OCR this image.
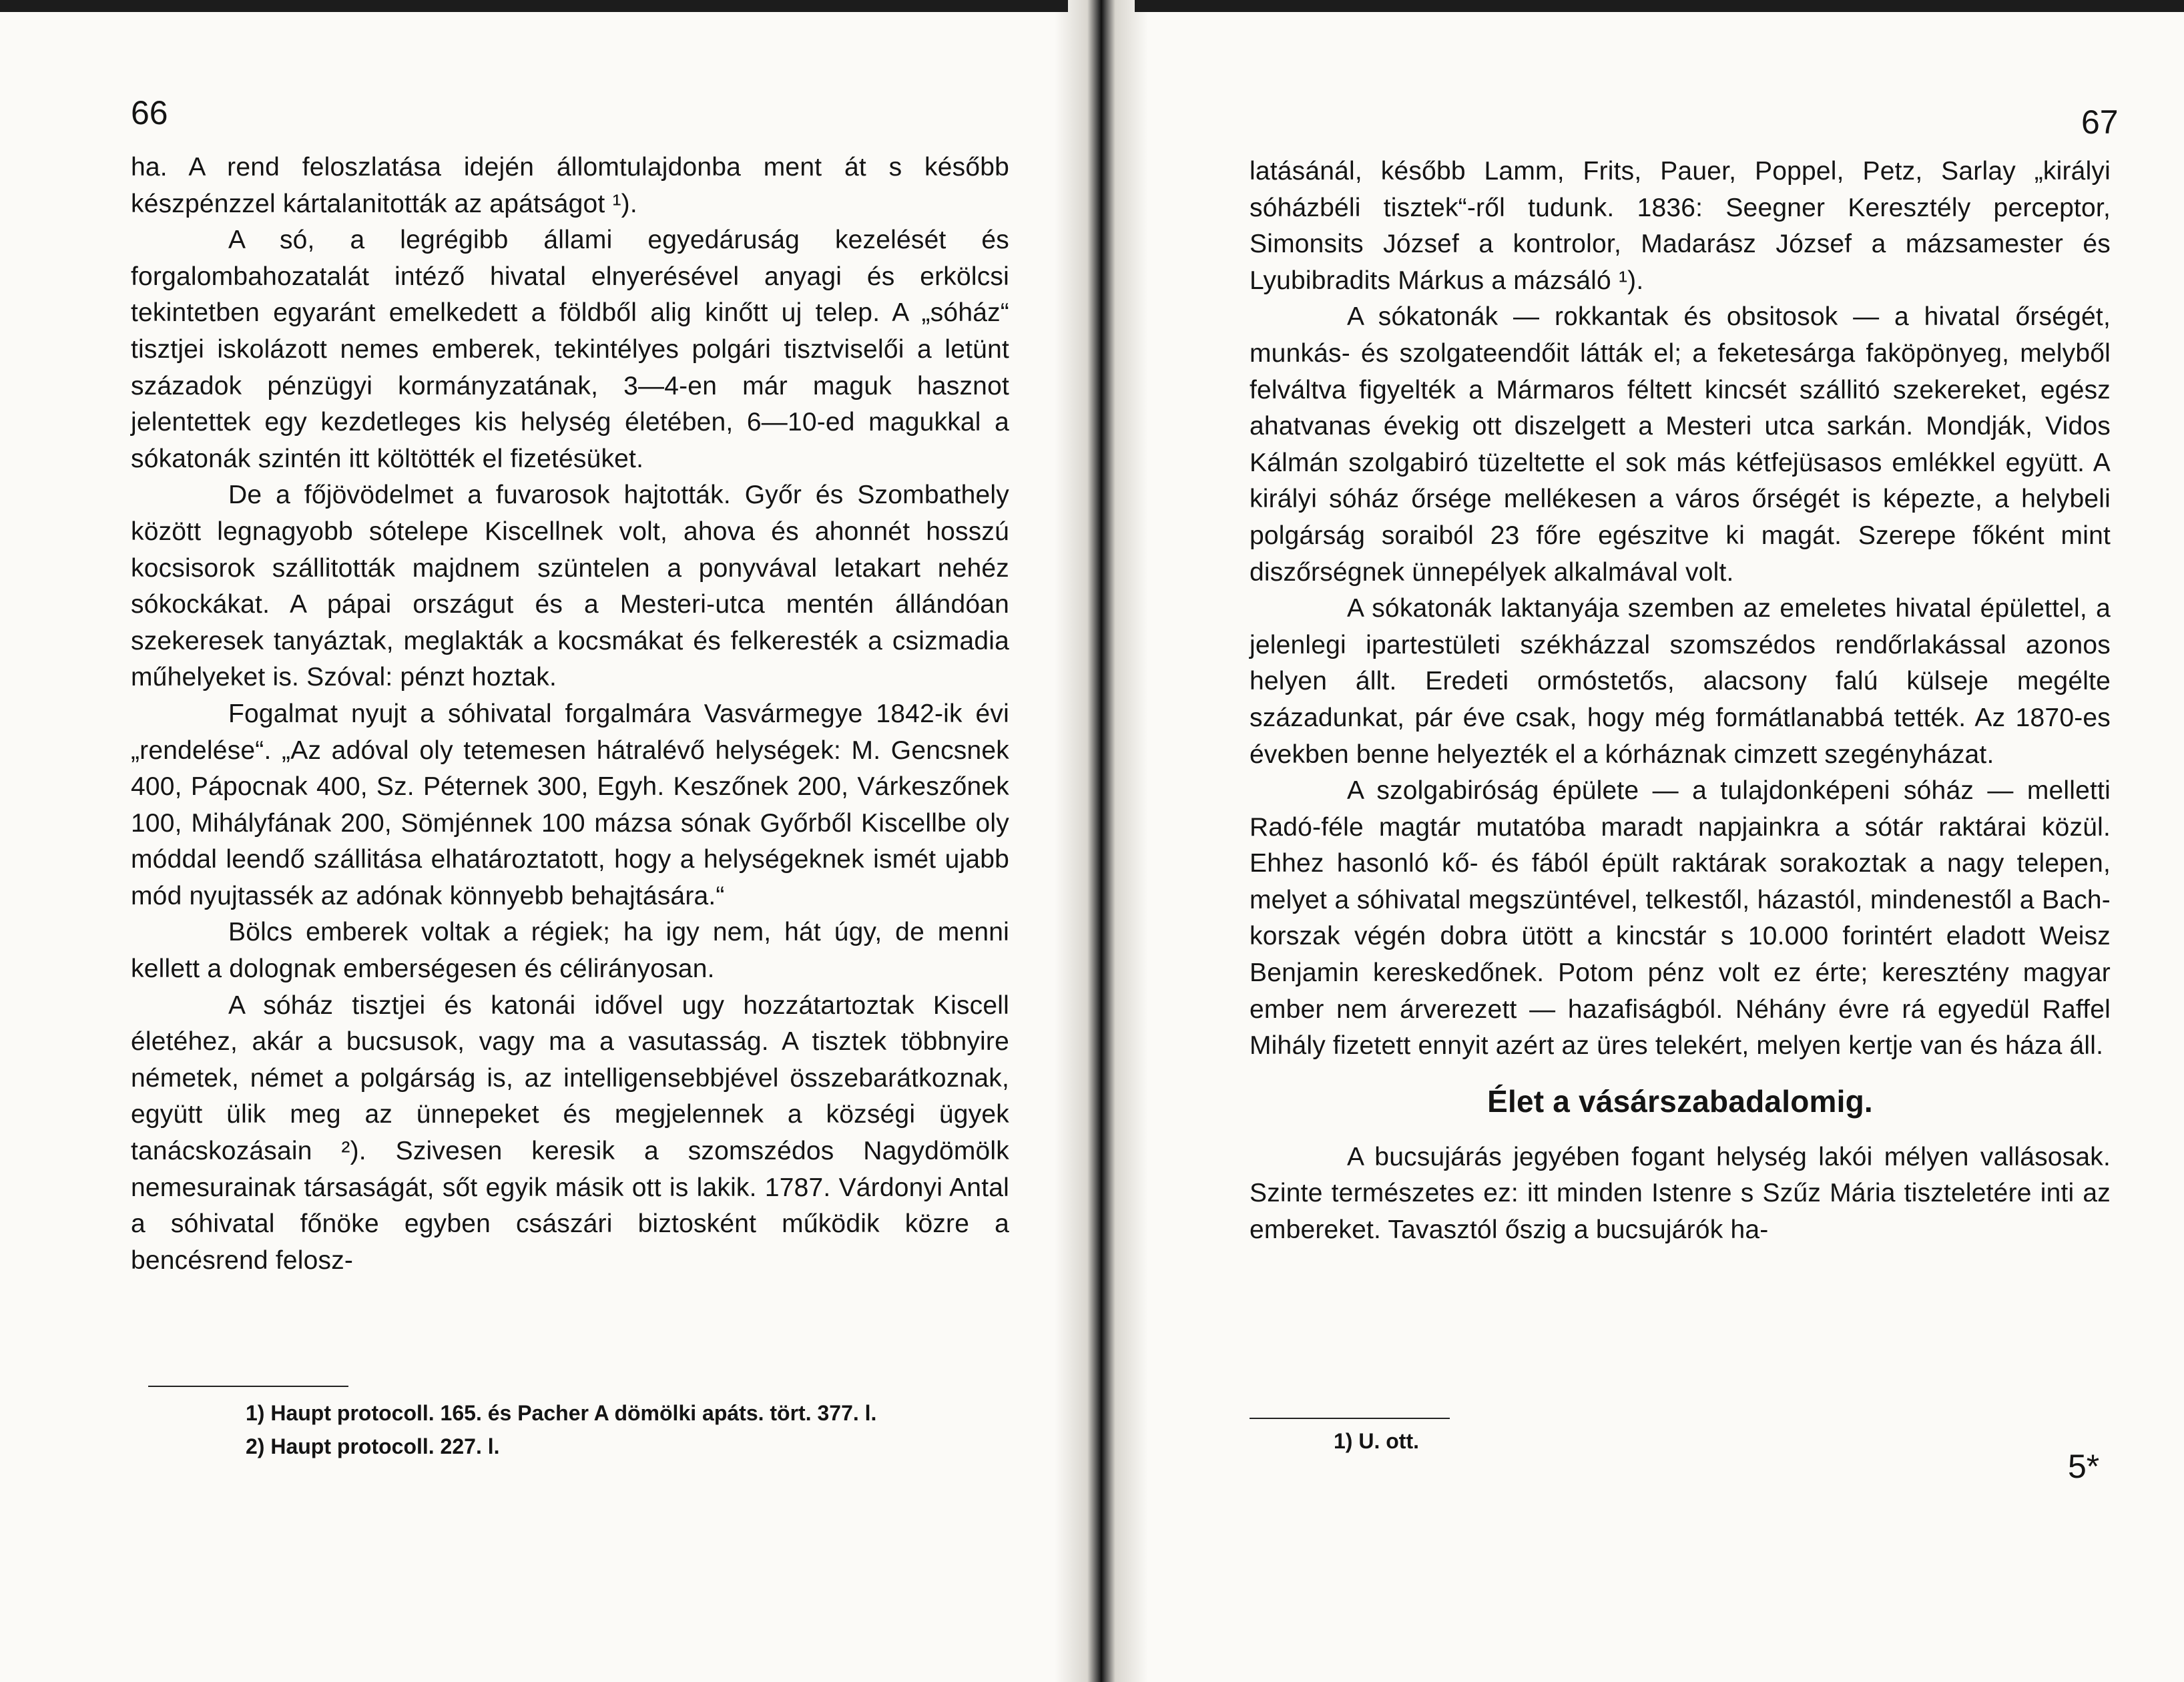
66

ha. A rend feloszlatása idején állomtulajdonba ment át s később készpénzzel kártalanitották az apátságot ¹).

A só, a legrégibb állami egyedáruság kezelését és forgalombahozatalát intéző hivatal elnyerésével anyagi és erkölcsi tekintetben egyaránt emelkedett a földből alig kinőtt uj telep. A „sóház“ tisztjei iskolázott nemes emberek, tekintélyes polgári tisztviselői a letünt századok pénzügyi kormányzatának, 3—4-en már maguk hasznot jelentettek egy kezdetleges kis helység életében, 6—10-ed magukkal a sókatonák szintén itt költötték el fizetésüket.

De a főjövödelmet a fuvarosok hajtották. Győr és Szombathely között legnagyobb sótelepe Kiscellnek volt, ahova és ahonnét hosszú kocsisorok szállitották majdnem szüntelen a ponyvával letakart nehéz sókockákat. A pápai országut és a Mesteri-utca mentén állándóan szekeresek tanyáztak, meglakták a kocsmákat és felkeresték a csizmadia műhelyeket is. Szóval: pénzt hoztak.

Fogalmat nyujt a sóhivatal forgalmára Vasvármegye 1842-ik évi „rendelése“. „Az adóval oly tetemesen hátralévő helységek: M. Gencsnek 400, Pápocnak 400, Sz. Péternek 300, Egyh. Keszőnek 200, Várkeszőnek 100, Mihályfának 200, Sömjénnek 100 mázsa sónak Győrből Kiscellbe oly móddal leendő szállitása elhatároztatott, hogy a helységeknek ismét ujabb mód nyujtassék az adónak könnyebb behajtására.“

Bölcs emberek voltak a régiek; ha igy nem, hát úgy, de menni kellett a dolognak emberségesen és célirányosan.

A sóház tisztjei és katonái idővel ugy hozzátartoztak Kiscell életéhez, akár a bucsusok, vagy ma a vasutasság. A tisztek többnyire németek, német a polgárság is, az intelligensebbjével összebarátkoznak, együtt ülik meg az ünnepeket és megjelennek a községi ügyek tanácskozásain ²). Szivesen keresik a szomszédos Nagydömölk nemesurainak társaságát, sőt egyik másik ott is lakik. 1787. Várdonyi Antal a sóhivatal főnöke egyben császári biztosként működik közre a bencésrend felosz-

1) Haupt protocoll. 165. és Pacher A dömölki apáts. tört. 377. l.
2) Haupt protocoll. 227. l.
67

latásánál, később Lamm, Frits, Pauer, Poppel, Petz, Sarlay „királyi sóházbéli tisztek“-ről tudunk. 1836: Seegner Keresztély perceptor, Simonsits József a kontrolor, Madarász József a mázsamester és Lyubibradits Márkus a mázsáló ¹).

A sókatonák — rokkantak és obsitosok — a hivatal őrségét, munkás- és szolgateendőit látták el; a feketesárga faköpönyeg, melyből felváltva figyelték a Mármaros féltett kincsét szállitó szekereket, egész ahatvanas évekig ott diszelgett a Mesteri utca sarkán. Mondják, Vidos Kálmán szolgabiró tüzeltette el sok más kétfejüsasos emlékkel együtt. A királyi sóház őrsége mellékesen a város őrségét is képezte, a helybeli polgárság soraiból 23 főre egészitve ki magát. Szerepe főként mint diszőrségnek ünnepélyek alkalmával volt.

A sókatonák laktanyája szemben az emeletes hivatal épülettel, a jelenlegi ipartestületi székházzal szomszédos rendőrlakással azonos helyen állt. Eredeti ormóstetős, alacsony falú külseje megélte századunkat, pár éve csak, hogy még formátlanabbá tették. Az 1870-es években benne helyezték el a kórháznak cimzett szegényházat.

A szolgabiróság épülete — a tulajdonképeni sóház — melletti Radó-féle magtár mutatóba maradt napjainkra a sótár raktárai közül. Ehhez hasonló kő- és fából épült raktárak sorakoztak a nagy telepen, melyet a sóhivatal megszüntével, telkestől, házastól, mindenestől a Bach-korszak végén dobra ütött a kincstár s 10.000 forintért eladott Weisz Benjamin kereskedőnek. Potom pénz volt ez érte; keresztény magyar ember nem árverezett — hazafiságból. Néhány évre rá egyedül Raffel Mihály fizetett ennyit azért az üres telekért, melyen kertje van és háza áll.

Élet a vásárszabadalomig.

A bucsujárás jegyében fogant helység lakói mélyen vallásosak. Szinte természetes ez: itt minden Istenre s Szűz Mária tiszteletére inti az embereket. Tavasztól őszig a bucsujárók ha-

1) U. ott.
5*
